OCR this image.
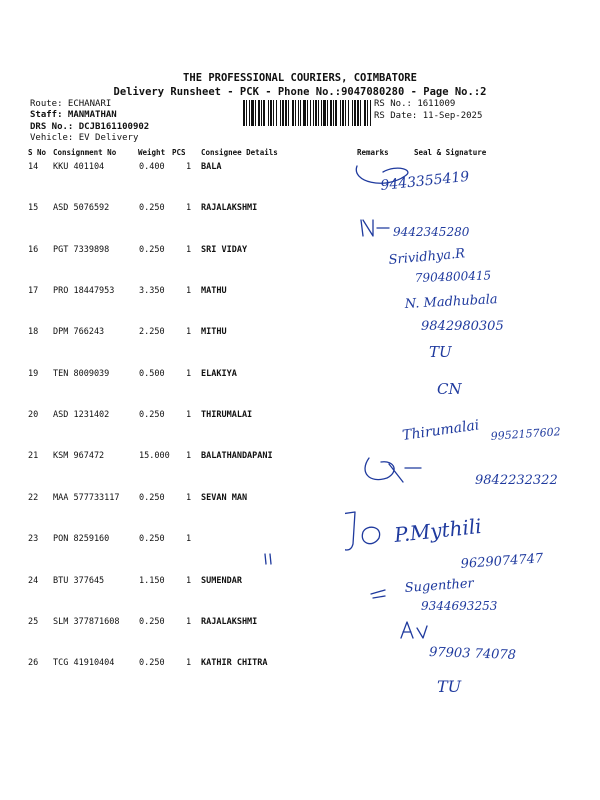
THE PROFESSIONAL COURIERS, COIMBATORE
Delivery Runsheet - PCK - Phone No.:9047080280 - Page No.:2
Route: ECHANARI
Staff: MANMATHAN
DRS No.: DCJB161100902
Vehicle: EV Delivery
RS No.: 1611009
RS Date: 11-Sep-2025
S No Consignment No	Weight PCS Consignee Details	Remarks	Seal & Signature
14 KKU 401104	0.400	1 BALA
15 ASD 5076592	0.250	1 RAJALAKSHMI
16 PGT 7339898	0.250	1 SRI VIDAY
17 PRO 18447953	3.350	1 MATHU
18 DPM 766243	2.250	1 MITHU
19 TEN 8009039	0.500	1 ELAKIYA
20 ASD 1231402	0.250	1 THIRUMALAI
21 KSM 967472	15.000 1 BALATHANDAPANI
22 MAA 577733117 0.250	1 SEVAN MAN
23 PON 8259160	0.250	1
24 BTU 377645	1.150	1 SUMENDAR
25 SLM 377871608 0.250	1 RAJALAKSHMI
26 TCG 41910404	0.250	1 KATHIR CHITRA
9443355419
9442345280
Srividhya.R
7904800415
N. Madhubala
9842980305
TU
CN
Thirumalai 9952157602
9842232322
P.Mythili
9629074747
Sugenther
9344693253
97903 74078
TU
